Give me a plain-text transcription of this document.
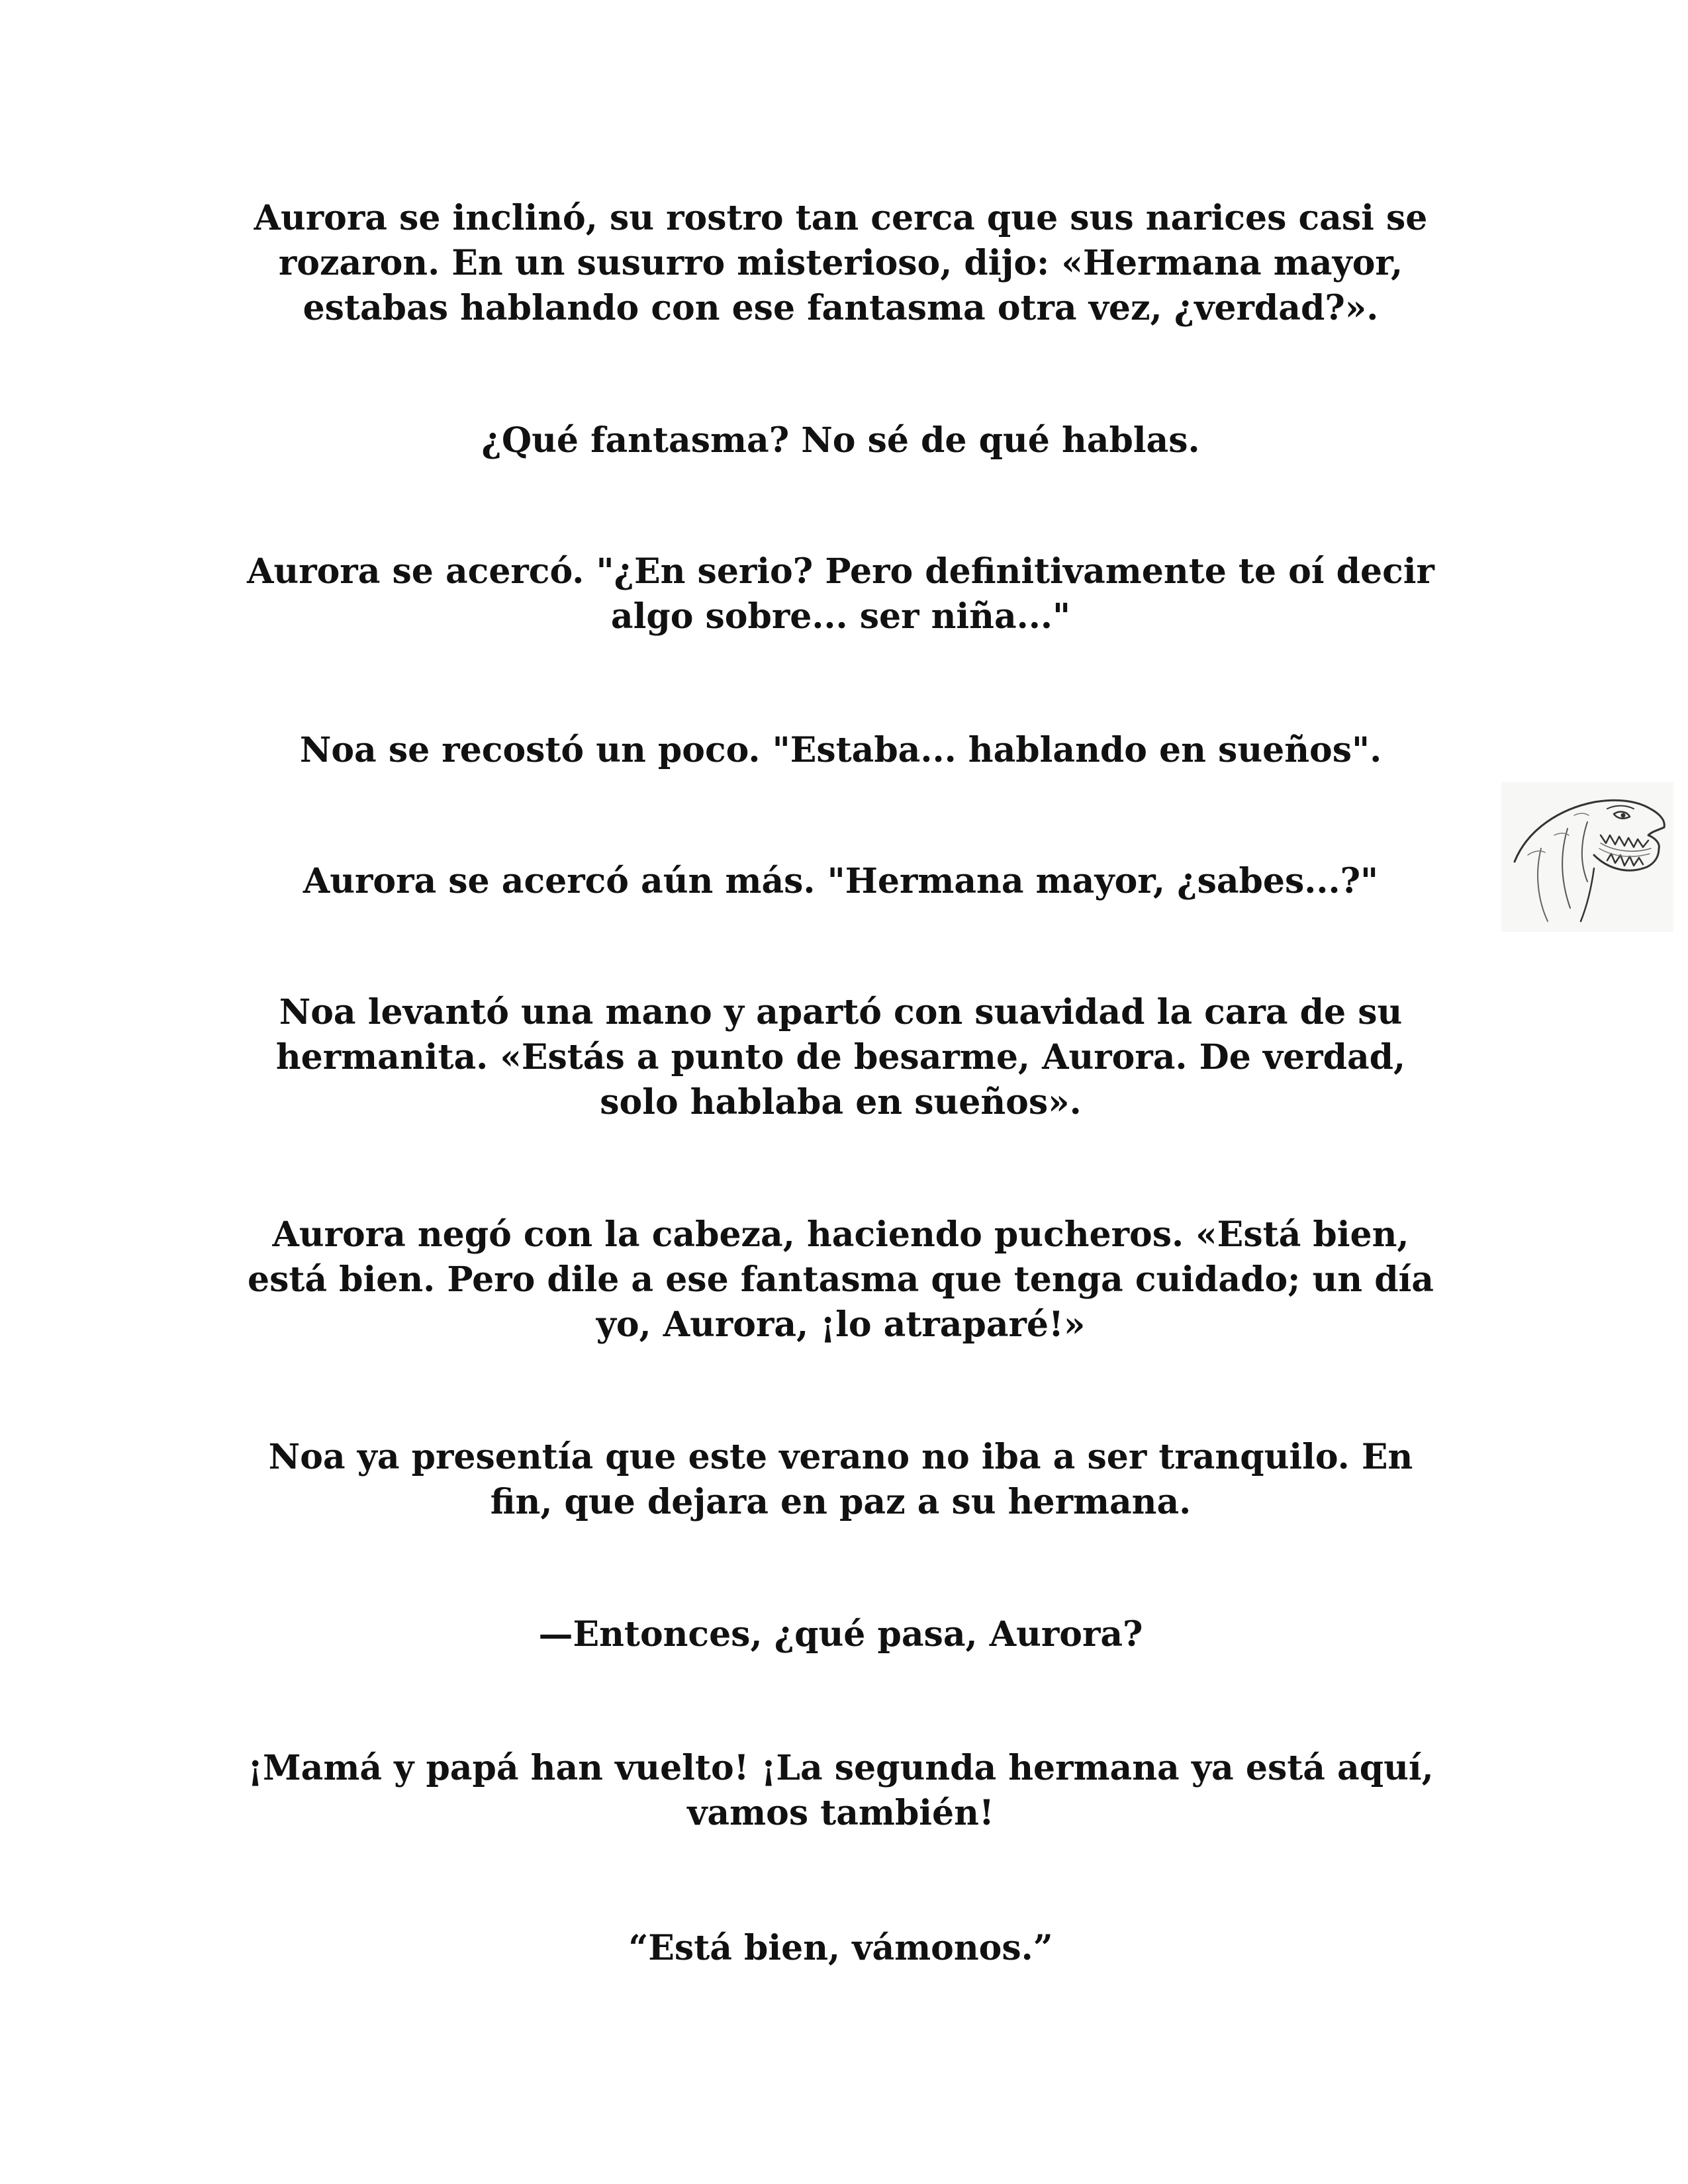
Aurora se inclinó, su rostro tan cerca que sus narices casi se
rozaron. En un susurro misterioso, dijo: «Hermana mayor,
estabas hablando con ese fantasma otra vez, ¿verdad?».

¿Qué fantasma? No sé de qué hablas.

Aurora se acercó. "¿En serio? Pero definitivamente te oí decir
algo sobre... ser niña..."

Noa se recostó un poco. "Estaba... hablando en sueños".

Aurora se acercó aún más. "Hermana mayor, ¿sabes...?"

Noa levantó una mano y apartó con suavidad la cara de su
hermanita. «Estás a punto de besarme, Aurora. De verdad,
solo hablaba en sueños».

Aurora negó con la cabeza, haciendo pucheros. «Está bien,
está bien. Pero dile a ese fantasma que tenga cuidado; un día
yo, Aurora, ¡lo atraparé!»

Noa ya presentía que este verano no iba a ser tranquilo. En
fin, que dejara en paz a su hermana.

—Entonces, ¿qué pasa, Aurora?

¡Mamá y papá han vuelto! ¡La segunda hermana ya está aquí,
vamos también!

“Está bien, vámonos.”
